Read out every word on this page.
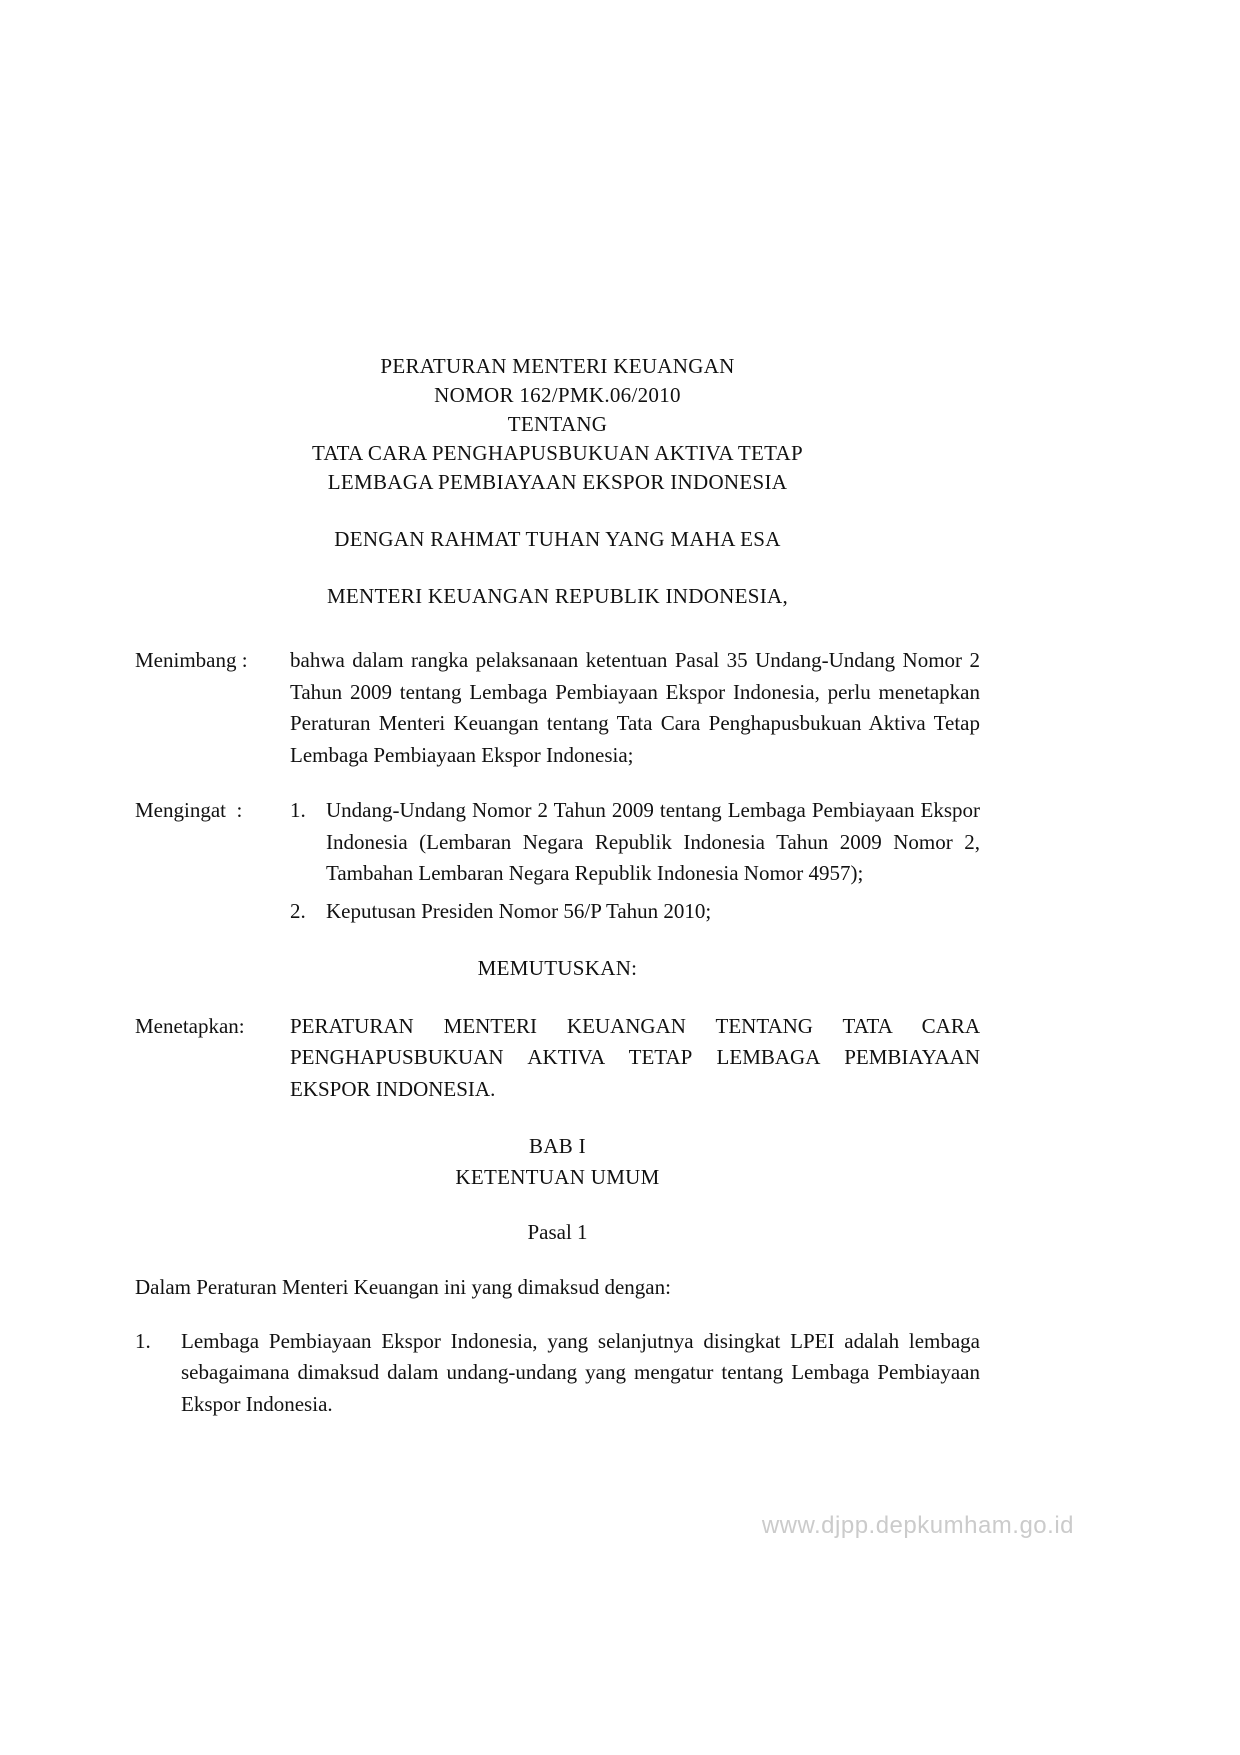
PERATURAN MENTERI KEUANGAN
NOMOR 162/PMK.06/2010
TENTANG
TATA CARA PENGHAPUSBUKUAN AKTIVA TETAP
LEMBAGA PEMBIAYAAN EKSPOR INDONESIA
DENGAN RAHMAT TUHAN YANG MAHA ESA
MENTERI KEUANGAN REPUBLIK INDONESIA,
Menimbang :	bahwa dalam rangka pelaksanaan ketentuan Pasal 35 Undang-Undang Nomor 2 Tahun 2009 tentang Lembaga Pembiayaan Ekspor Indonesia, perlu menetapkan Peraturan Menteri Keuangan tentang Tata Cara Penghapusbukuan Aktiva Tetap Lembaga Pembiayaan Ekspor Indonesia;
Mengingat  :	1. Undang-Undang Nomor 2 Tahun 2009 tentang Lembaga Pembiayaan Ekspor Indonesia (Lembaran Negara Republik Indonesia Tahun 2009 Nomor 2, Tambahan Lembaran Negara Republik Indonesia Nomor 4957);
2. Keputusan Presiden Nomor 56/P Tahun 2010;
MEMUTUSKAN:
Menetapkan:	PERATURAN MENTERI KEUANGAN TENTANG TATA CARA PENGHAPUSBUKUAN AKTIVA TETAP LEMBAGA PEMBIAYAAN EKSPOR INDONESIA.
BAB I
KETENTUAN UMUM
Pasal 1
Dalam Peraturan Menteri Keuangan ini yang dimaksud dengan:
1.	Lembaga Pembiayaan Ekspor Indonesia, yang selanjutnya disingkat LPEI adalah lembaga sebagaimana dimaksud dalam undang-undang yang mengatur tentang Lembaga Pembiayaan Ekspor Indonesia.
www.djpp.depkumham.go.id
